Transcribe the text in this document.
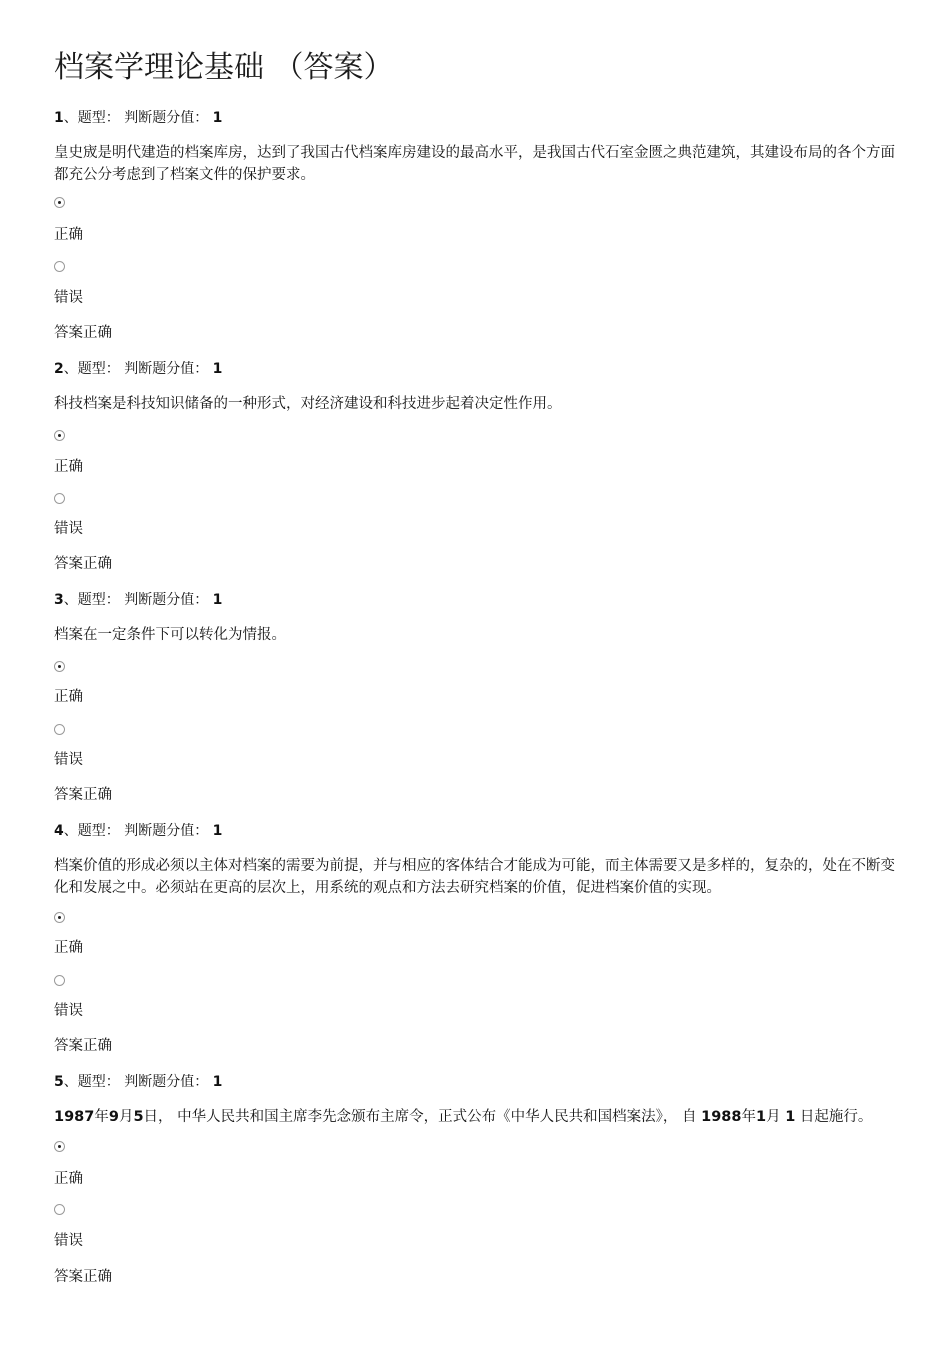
档案学理论基础 （答案）
1、题型： 判断题分值： 1
皇史宬是明代建造的档案库房，达到了我国古代档案库房建设的最高水平，是我国古代石室金匮之典范建筑，其建设布局的各个方面都充公分考虑到了档案文件的保护要求。
正确
错误
答案正确
2、题型： 判断题分值： 1
科技档案是科技知识储备的一种形式，对经济建设和科技进步起着决定性作用。
正确
错误
答案正确
3、题型： 判断题分值： 1
档案在一定条件下可以转化为情报。
正确
错误
答案正确
4、题型： 判断题分值： 1
档案价值的形成必须以主体对档案的需要为前提，并与相应的客体结合才能成为可能，而主体需要又是多样的，复杂的，处在不断变化和发展之中。必须站在更高的层次上，用系统的观点和方法去研究档案的价值，促进档案价值的实现。
正确
错误
答案正确
5、题型： 判断题分值： 1
1987年9月5日， 中华人民共和国主席李先念颁布主席令，正式公布《中华人民共和国档案法》， 自 1988年1月 1 日起施行。
正确
错误
答案正确
